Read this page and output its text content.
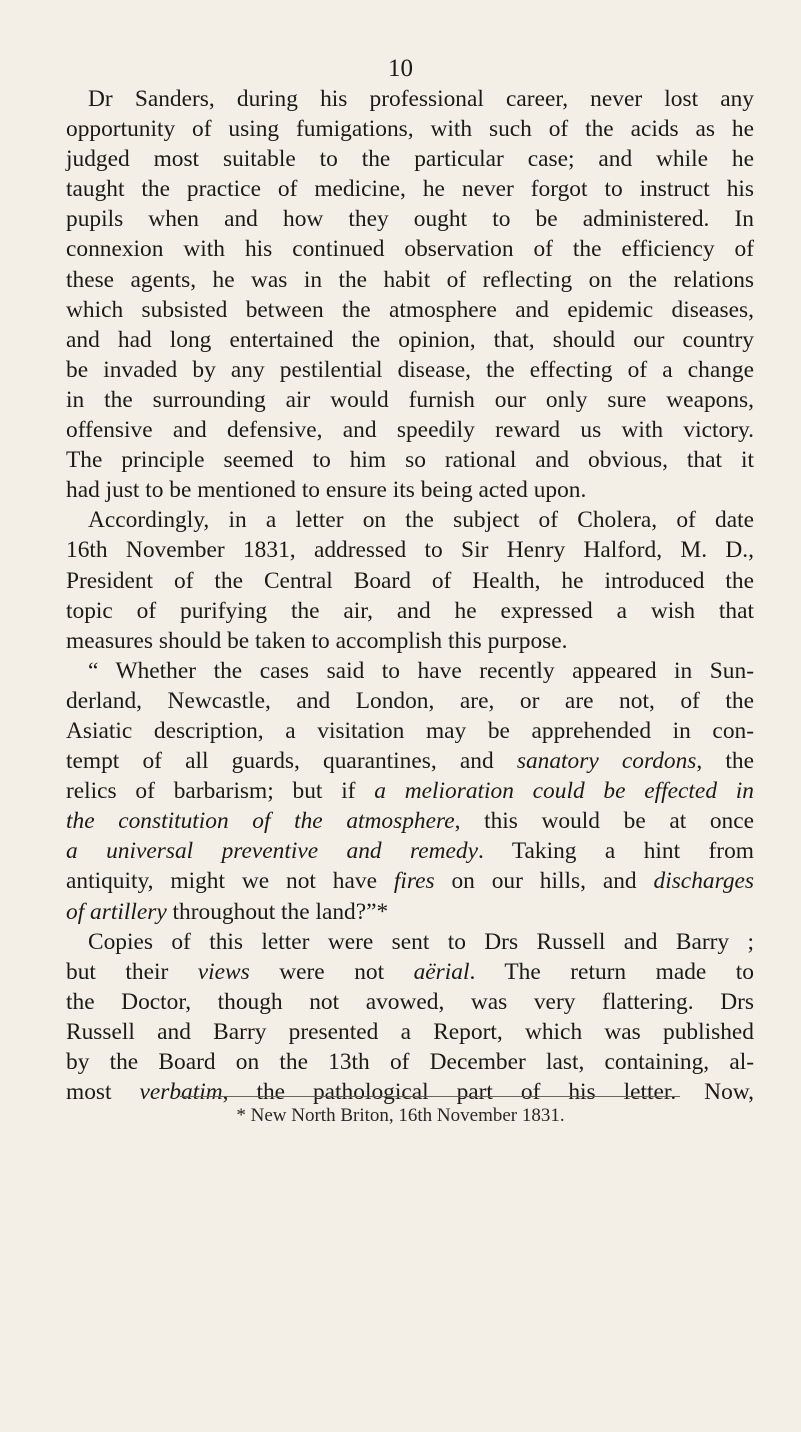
10
Dr Sanders, during his professional career, never lost any
opportunity of using fumigations, with such of the acids as he
judged most suitable to the particular case; and while he
taught the practice of medicine, he never forgot to instruct his
pupils when and how they ought to be administered. In
connexion with his continued observation of the efficiency of
these agents, he was in the habit of reflecting on the relations
which subsisted between the atmosphere and epidemic diseases,
and had long entertained the opinion, that, should our country
be invaded by any pestilential disease, the effecting of a change
in the surrounding air would furnish our only sure weapons,
offensive and defensive, and speedily reward us with victory.
The principle seemed to him so rational and obvious, that it
had just to be mentioned to ensure its being acted upon.
Accordingly, in a letter on the subject of Cholera, of date
16th November 1831, addressed to Sir Henry Halford, M. D.,
President of the Central Board of Health, he introduced the
topic of purifying the air, and he expressed a wish that
measures should be taken to accomplish this purpose.
“ Whether the cases said to have recently appeared in Sun-
derland, Newcastle, and London, are, or are not, of the
Asiatic description, a visitation may be apprehended in con-
tempt of all guards, quarantines, and sanatory cordons, the
relics of barbarism; but if a melioration could be effected in
the constitution of the atmosphere, this would be at once
a universal preventive and remedy. Taking a hint from
antiquity, might we not have fires on our hills, and discharges
of artillery throughout the land?”*
Copies of this letter were sent to Drs Russell and Barry ;
but their views were not aërial. The return made to
the Doctor, though not avowed, was very flattering. Drs
Russell and Barry presented a Report, which was published
by the Board on the 13th of December last, containing, al-
most verbatim, the pathological part of his letter. Now,
* New North Briton, 16th November 1831.
